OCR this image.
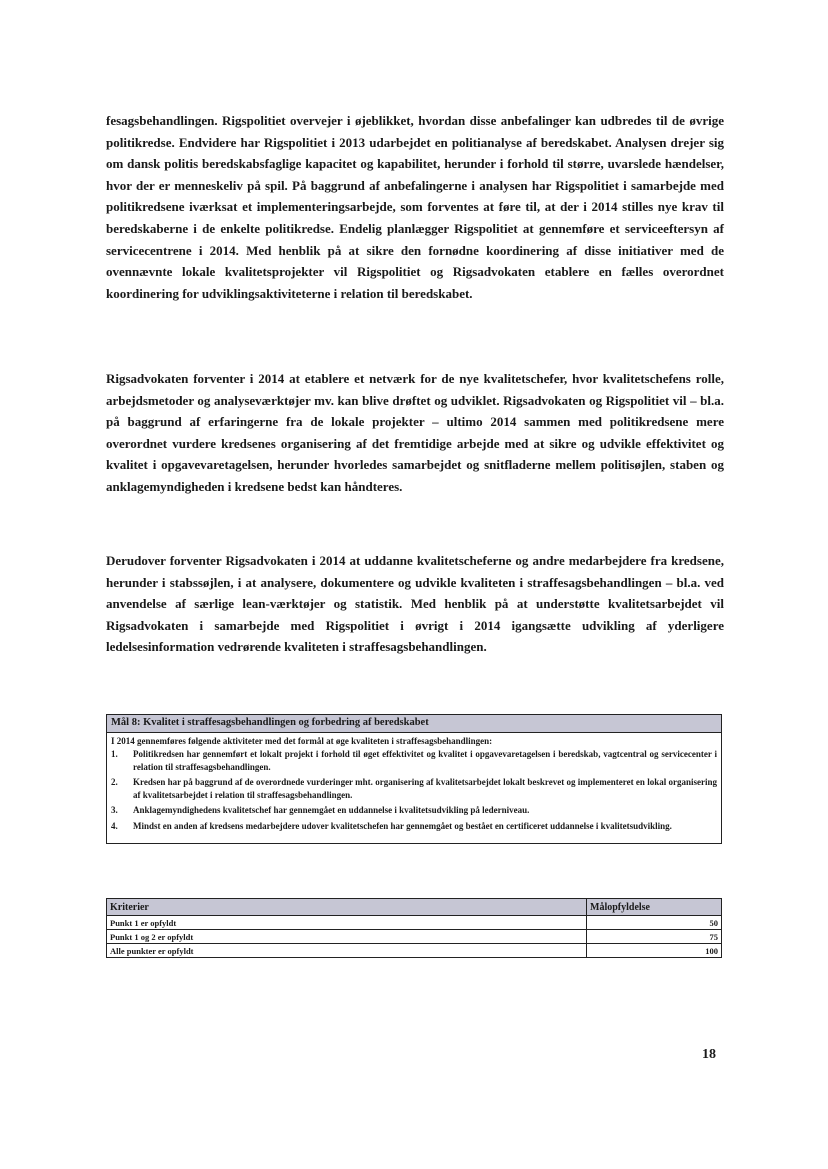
fesagsbehandlingen. Rigspolitiet overvejer i øjeblikket, hvordan disse anbefalinger kan udbredes til de øvrige politikredse. Endvidere har Rigspolitiet i 2013 udarbejdet en politianalyse af beredskabet. Analysen drejer sig om dansk politis beredskabsfaglige kapacitet og kapabilitet, herunder i forhold til større, uvarslede hændelser, hvor der er menneskeliv på spil. På baggrund af anbefalingerne i analysen har Rigspolitiet i samarbejde med politikredsene iværksat et implementeringsarbejde, som forventes at føre til, at der i 2014 stilles nye krav til beredskaberne i de enkelte politikredse. Endelig planlægger Rigspolitiet at gennemføre et serviceeftersyn af servicecentrene i 2014. Med henblik på at sikre den fornødne koordinering af disse initiativer med de ovennævnte lokale kvalitetsprojekter vil Rigspolitiet og Rigsadvokaten etablere en fælles overordnet koordinering for udviklingsaktiviteterne i relation til beredskabet.
Rigsadvokaten forventer i 2014 at etablere et netværk for de nye kvalitetschefer, hvor kvalitetschefens rolle, arbejdsmetoder og analyseværktøjer mv. kan blive drøftet og udviklet. Rigsadvokaten og Rigspolitiet vil – bl.a. på baggrund af erfaringerne fra de lokale projekter – ultimo 2014 sammen med politikredsene mere overordnet vurdere kredsenes organisering af det fremtidige arbejde med at sikre og udvikle effektivitet og kvalitet i opgavevaretagelsen, herunder hvorledes samarbejdet og snitfladerne mellem politisøjlen, staben og anklagemyndigheden i kredsene bedst kan håndteres.
Derudover forventer Rigsadvokaten i 2014 at uddanne kvalitetscheferne og andre medarbejdere fra kredsene, herunder i stabssøjlen, i at analysere, dokumentere og udvikle kvaliteten i straffesagsbehandlingen – bl.a. ved anvendelse af særlige lean-værktøjer og statistik. Med henblik på at understøtte kvalitetsarbejdet vil Rigsadvokaten i samarbejde med Rigspolitiet i øvrigt i 2014 igangsætte udvikling af yderligere ledelsesinformation vedrørende kvaliteten i straffesagsbehandlingen.
Mål 8: Kvalitet i straffesagsbehandlingen og forbedring af beredskabet
I 2014 gennemføres følgende aktiviteter med det formål at øge kvaliteten i straffesagsbehandlingen:
1.	Politikredsen har gennemført et lokalt projekt i forhold til øget effektivitet og kvalitet i opgavevaretagelsen i beredskab, vagtcentral og servicecenter i relation til straffesagsbehandlingen.
2.	Kredsen har på baggrund af de overordnede vurderinger mht. organisering af kvalitetsarbejdet lokalt beskrevet og implementeret en lokal organisering af kvalitetsarbejdet i relation til straffesagsbehandlingen.
3.	Anklagemyndighedens kvalitetschef har gennemgået en uddannelse i kvalitetsudvikling på lederniveau.
4.	Mindst en anden af kredsens medarbejdere udover kvalitetschefen har gennemgået og bestået en certificeret uddannelse i kvalitetsudvikling.
Kriterier	Målopfyldelse
Punkt 1 er opfyldt	50
Punkt 1 og 2 er opfyldt	75
Alle punkter er opfyldt	100
18
